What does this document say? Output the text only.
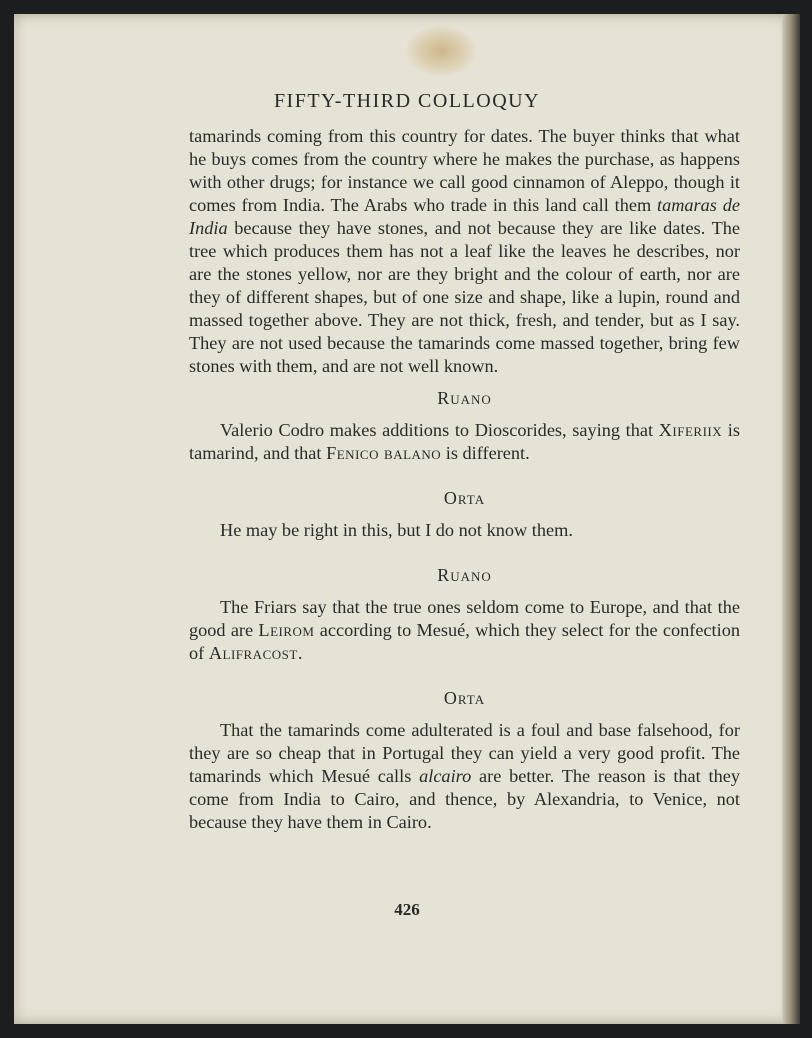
FIFTY-THIRD COLLOQUY

tamarinds coming from this country for dates. The buyer thinks that what he buys comes from the country where he makes the purchase, as happens with other drugs; for instance we call good cinnamon of Aleppo, though it comes from India. The Arabs who trade in this land call them tamaras de India because they have stones, and not because they are like dates. The tree which produces them has not a leaf like the leaves he describes, nor are the stones yellow, nor are they bright and the colour of earth, nor are they of different shapes, but of one size and shape, like a lupin, round and massed together above. They are not thick, fresh, and tender, but as I say. They are not used because the tamarinds come massed together, bring few stones with them, and are not well known.

Ruano

Valerio Codro makes additions to Dioscorides, saying that Xiferiix is tamarind, and that Fenico balano is different.

Orta

He may be right in this, but I do not know them.

Ruano

The Friars say that the true ones seldom come to Europe, and that the good are Leirom according to Mesué, which they select for the confection of Alifracost.

Orta

That the tamarinds come adulterated is a foul and base falsehood, for they are so cheap that in Portugal they can yield a very good profit. The tamarinds which Mesué calls alcairo are better. The reason is that they come from India to Cairo, and thence, by Alexandria, to Venice, not because they have them in Cairo.

426
